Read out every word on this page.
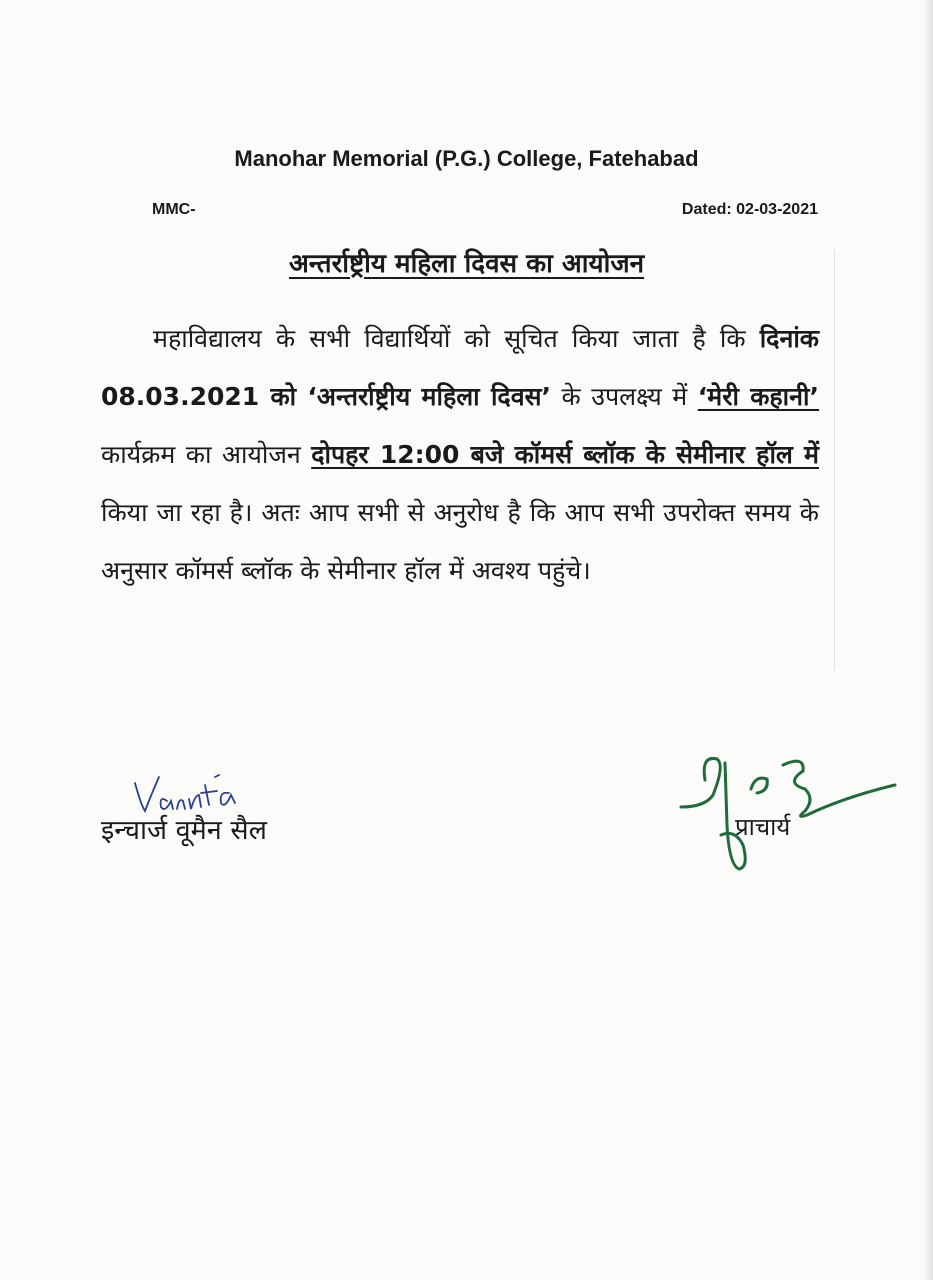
Manohar Memorial (P.G.) College, Fatehabad
MMC-	Dated: 02-03-2021
अन्तर्राष्ट्रीय महिला दिवस का आयोजन

महाविद्यालय के सभी विद्यार्थियों को सूचित किया जाता है कि दिनांक 08.03.2021 को ‘अन्तर्राष्ट्रीय महिला दिवस’ के उपलक्ष्य में ‘मेरी कहानी’ कार्यक्रम का आयोजन दोपहर 12:00 बजे कॉमर्स ब्लॉक के सेमीनार हॉल में किया जा रहा है। अतः आप सभी से अनुरोध है कि आप सभी उपरोक्त समय के अनुसार कॉमर्स ब्लॉक के सेमीनार हॉल में अवश्य पहुंचे।

इन्चार्ज वूमैन सैल	प्राचार्य
